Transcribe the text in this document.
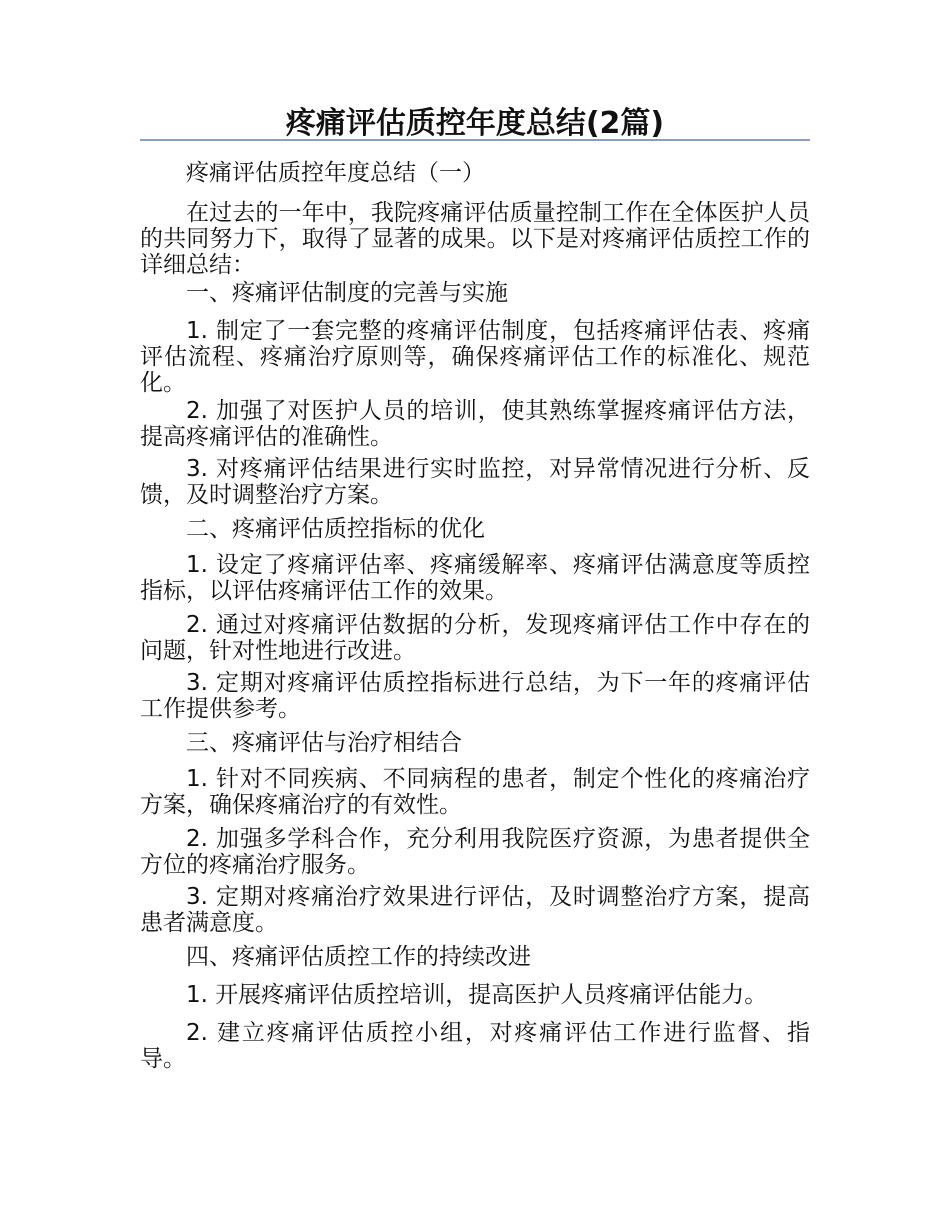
疼痛评估质控年度总结(2篇)

疼痛评估质控年度总结（一）

在过去的一年中，我院疼痛评估质量控制工作在全体医护人员的共同努力下，取得了显著的成果。以下是对疼痛评估质控工作的详细总结：

一、疼痛评估制度的完善与实施

1. 制定了一套完整的疼痛评估制度，包括疼痛评估表、疼痛评估流程、疼痛治疗原则等，确保疼痛评估工作的标准化、规范化。

2. 加强了对医护人员的培训，使其熟练掌握疼痛评估方法，提高疼痛评估的准确性。

3. 对疼痛评估结果进行实时监控，对异常情况进行分析、反馈，及时调整治疗方案。

二、疼痛评估质控指标的优化

1. 设定了疼痛评估率、疼痛缓解率、疼痛评估满意度等质控指标，以评估疼痛评估工作的效果。

2. 通过对疼痛评估数据的分析，发现疼痛评估工作中存在的问题，针对性地进行改进。

3. 定期对疼痛评估质控指标进行总结，为下一年的疼痛评估工作提供参考。

三、疼痛评估与治疗相结合

1. 针对不同疾病、不同病程的患者，制定个性化的疼痛治疗方案，确保疼痛治疗的有效性。

2. 加强多学科合作，充分利用我院医疗资源，为患者提供全方位的疼痛治疗服务。

3. 定期对疼痛治疗效果进行评估，及时调整治疗方案，提高患者满意度。

四、疼痛评估质控工作的持续改进

1. 开展疼痛评估质控培训，提高医护人员疼痛评估能力。

2. 建立疼痛评估质控小组，对疼痛评估工作进行监督、指导。
